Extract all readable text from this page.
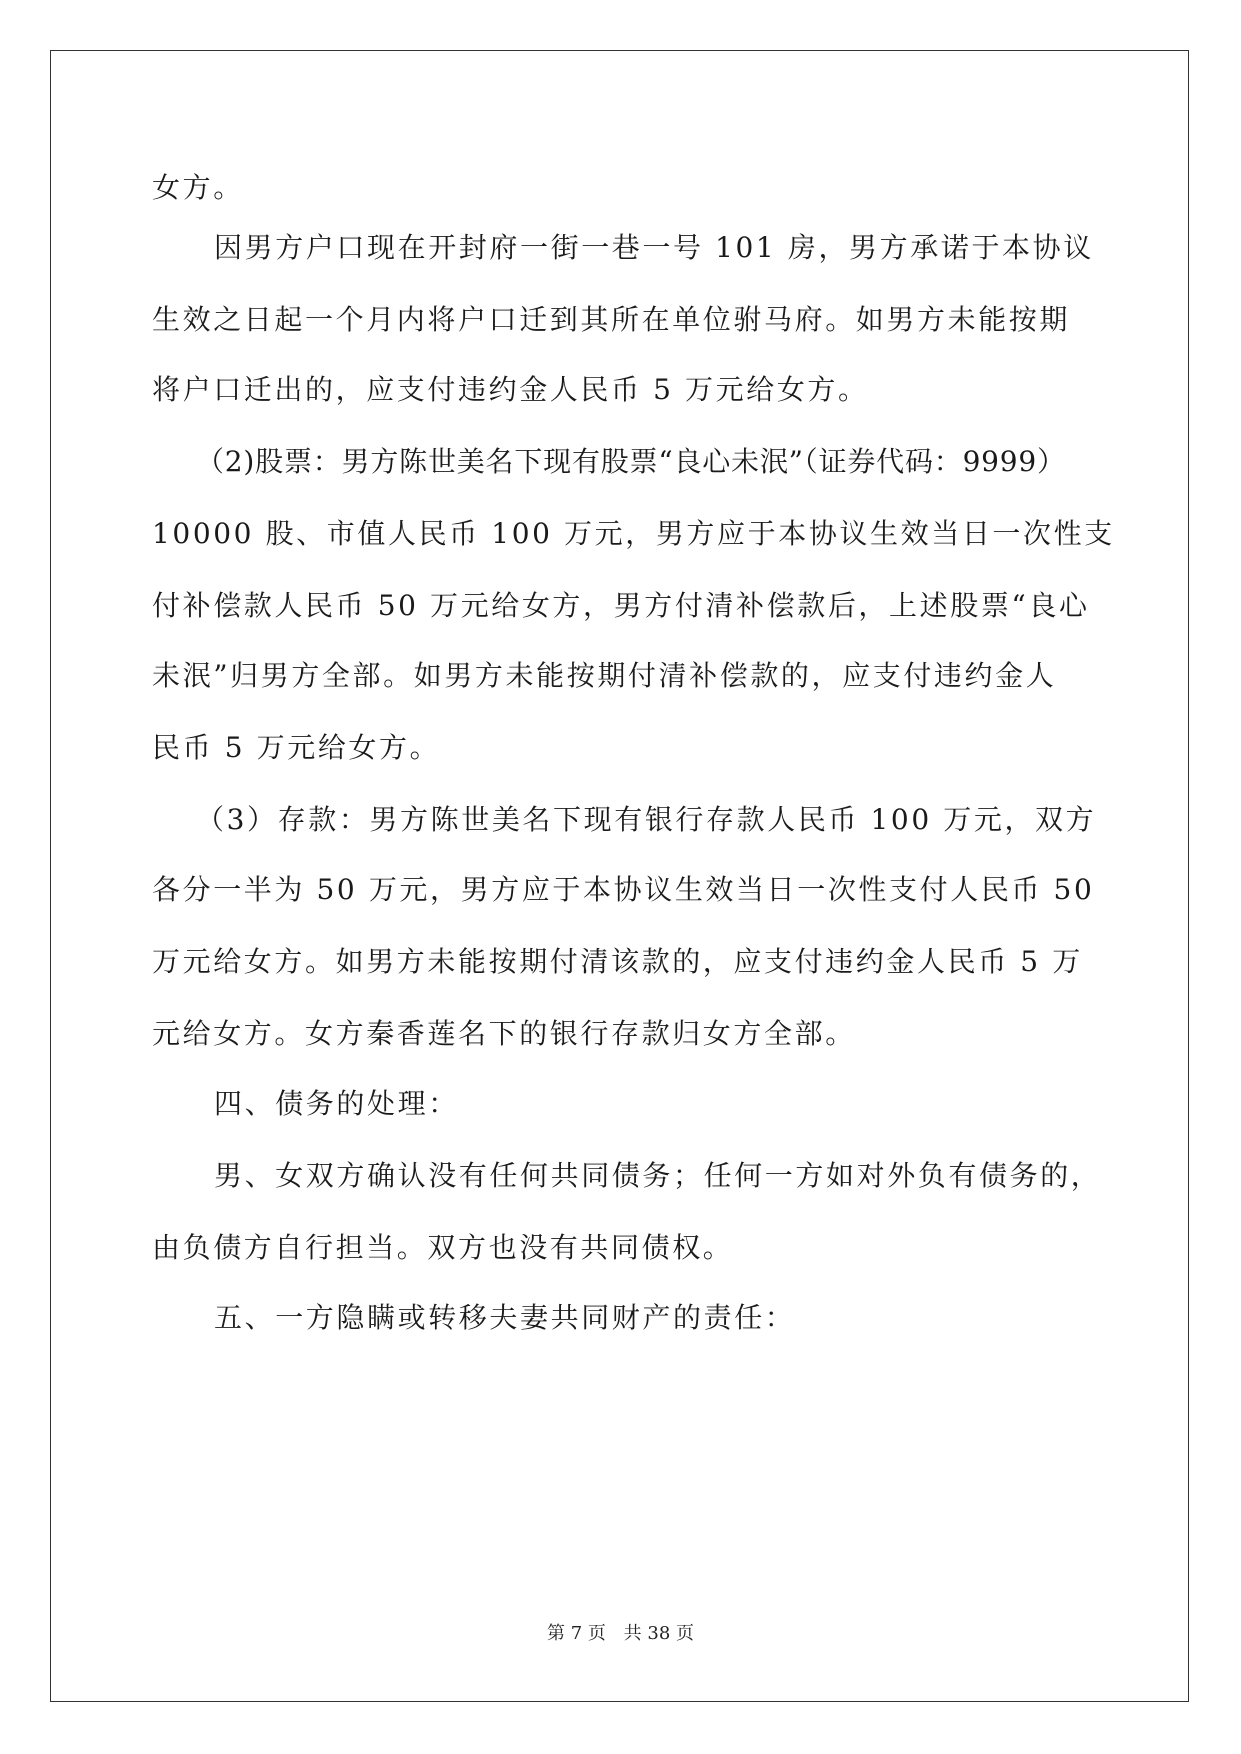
女方。
因男方户口现在开封府一街一巷一号 101 房，男方承诺于本协议
生效之日起一个月内将户口迁到其所在单位驸马府。如男方未能按期
将户口迁出的，应支付违约金人民币 5 万元给女方。
（2)股票：男方陈世美名下现有股票“良心未泯”（证券代码：9999）
10000 股、市值人民币 100 万元，男方应于本协议生效当日一次性支
付补偿款人民币 50 万元给女方，男方付清补偿款后，上述股票“良心
未泯”归男方全部。如男方未能按期付清补偿款的，应支付违约金人
民币 5 万元给女方。
（3）存款：男方陈世美名下现有银行存款人民币 100 万元，双方
各分一半为 50 万元，男方应于本协议生效当日一次性支付人民币 50
万元给女方。如男方未能按期付清该款的，应支付违约金人民币 5 万
元给女方。女方秦香莲名下的银行存款归女方全部。
四、债务的处理：
男、女双方确认没有任何共同债务；任何一方如对外负有债务的，
由负债方自行担当。双方也没有共同债权。
五、一方隐瞒或转移夫妻共同财产的责任：
第 7 页 共 38 页
